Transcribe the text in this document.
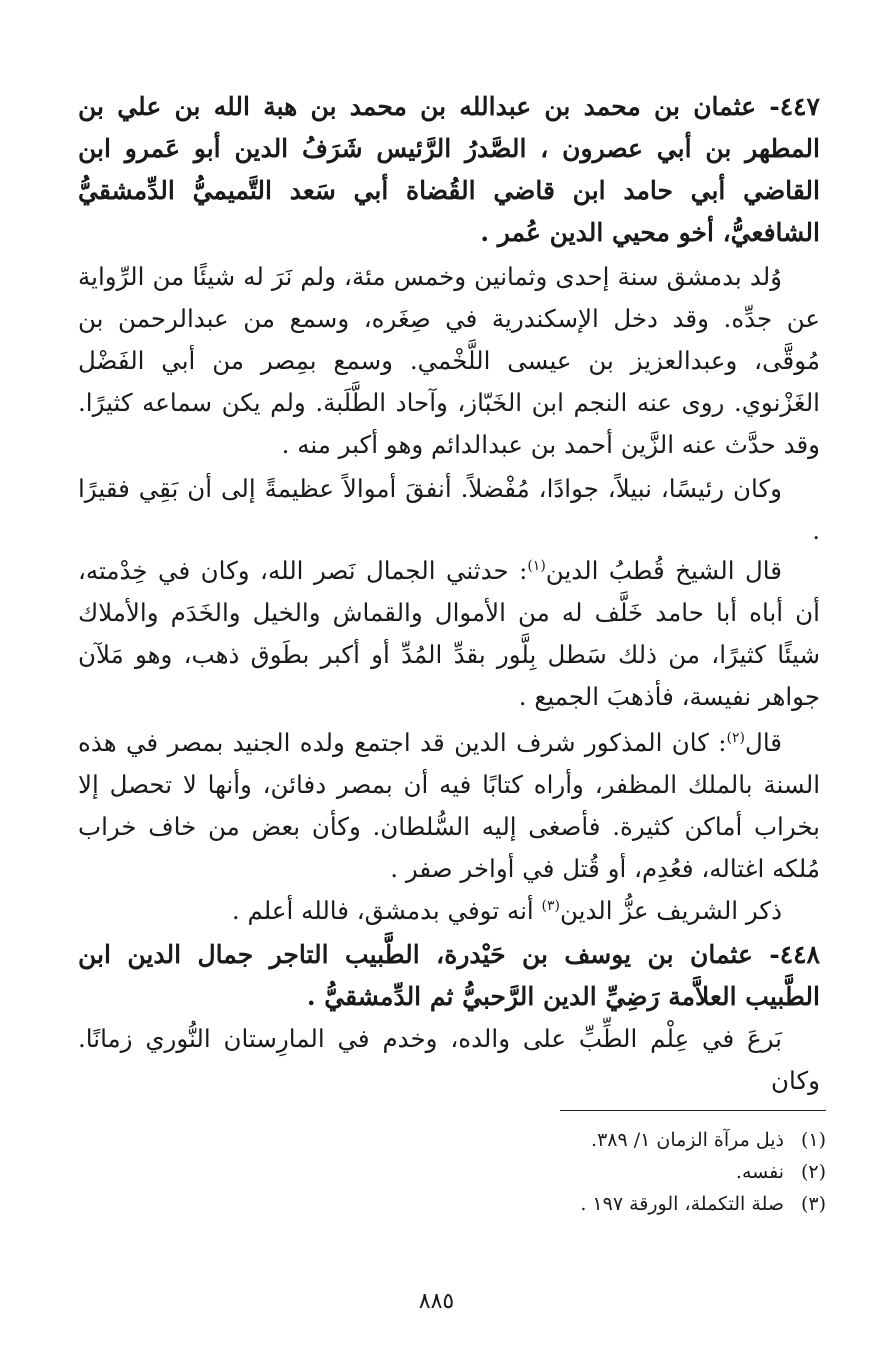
٤٤٧- عثمان بن محمد بن عبدالله بن محمد بن هبة الله بن علي بن المطهر بن أبي عصرون ، الصَّدرُ الرَّئيس شَرَفُ الدين أبو عَمرو ابن القاضي أبي حامد ابن قاضي القُضاة أبي سَعد التَّميميُّ الدِّمشقيُّ الشافعيُّ، أخو محيي الدين عُمر .

وُلد بدمشق سنة إحدى وثمانين وخمس مئة، ولم نَرَ له شيئًا من الرِّواية عن جدِّه. وقد دخل الإسكندرية في صِغَره، وسمع من عبدالرحمن بن مُوقَّى، وعبدالعزيز بن عيسى اللَّخْمي. وسمع بمِصر من أبي الفَضْل الغَزْنوي. روى عنه النجم ابن الخَبّاز، وآحاد الطَّلَبة. ولم يكن سماعه كثيرًا. وقد حدَّث عنه الزَّين أحمد بن عبدالدائم وهو أكبر منه .

وكان رئيسًا، نبيلاً، جوادًا، مُفْضلاً. أنفقَ أموالاً عظيمةً إلى أن بَقِي فقيرًا .

قال الشيخ قُطبُ الدين$^{(١)}$: حدثني الجمال نَصر الله، وكان في خِدْمته، أن أباه أبا حامد خَلَّف له من الأموال والقماش والخيل والخَدَم والأملاك شيئًا كثيرًا، من ذلك سَطل بِلَّور بقدِّ المُدِّ أو أكبر بطَوق ذهب، وهو مَلآن جواهر نفيسة، فأذهبَ الجميع .

قال$^{(٢)}$: كان المذكور شرف الدين قد اجتمع ولده الجنيد بمصر في هذه السنة بالملك المظفر، وأراه كتابًا فيه أن بمصر دفائن، وأنها لا تحصل إلا بخراب أماكن كثيرة. فأصغى إليه السُّلطان. وكأن بعض من خاف خراب مُلكه اغتاله، فعُدِم، أو قُتل في أواخر صفر .

ذكر الشريف عزُّ الدين$^{(٣)}$ أنه توفي بدمشق، فالله أعلم .

٤٤٨- عثمان بن يوسف بن حَيْدرة، الطَّبيب التاجر جمال الدين ابن الطَّبيب العلاَّمة رَضِيِّ الدين الرَّحبيُّ ثم الدِّمشقيُّ .

بَرعَ في عِلْم الطِّبِّ على والده، وخدم في المارِستان النُّوري زمانًا. وكان

(١)ذيل مرآة الزمان ١/ ٣٨٩.

(٢)نفسه.

(٣)صلة التكملة، الورقة ١٩٧ .

٨٨٥
